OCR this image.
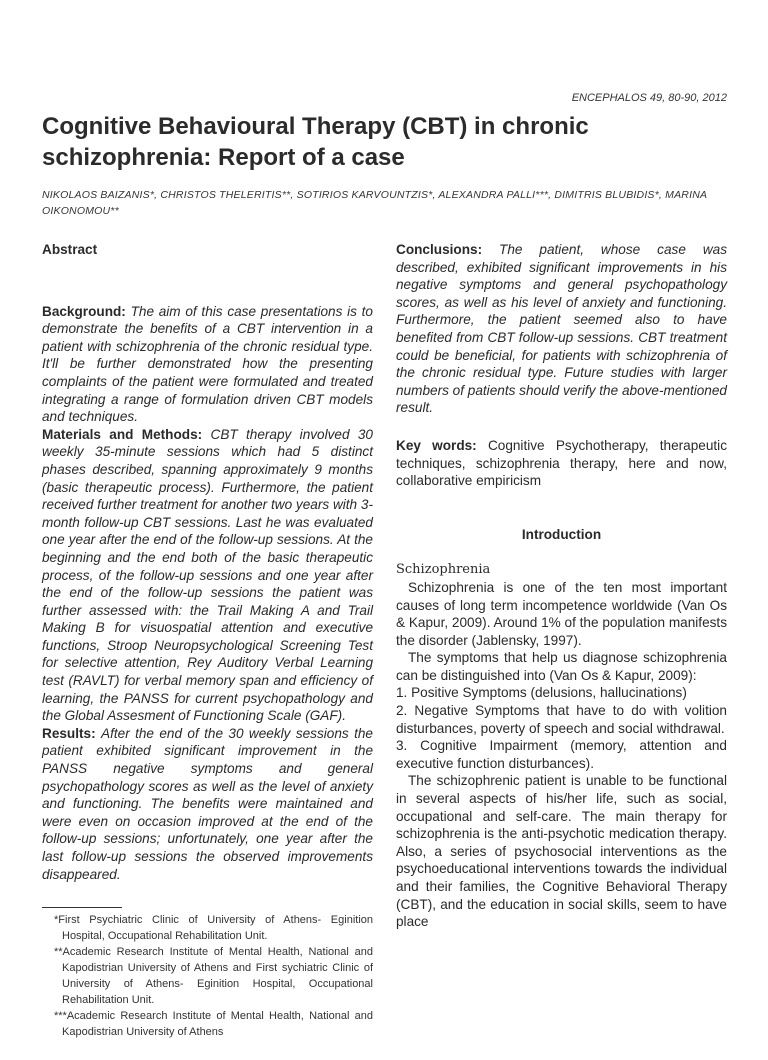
ENCEPHALOS 49, 80-90, 2012
Cognitive Behavioural Therapy (CBT) in chronic schizophrenia: Report of a case
NIKOLAOS BAIZANIS*, CHRISTOS THELERITIS**, SOTIRIOS KARVOUNTZIS*, ALEXANDRA PALLI***, DIMITRIS BLUBIDIS*, MARINA OIKONOMOU**
Abstract

Background: The aim of this case presentations is to demonstrate the benefits of a CBT intervention in a patient with schizophrenia of the chronic residual type. It'll be further demonstrated how the presenting complaints of the patient were formulated and treated integrating a range of formulation driven CBT models and techniques.

Materials and Methods: CBT therapy involved 30 weekly 35-minute sessions which had 5 distinct phases described, spanning approximately 9 months (basic therapeutic process). Furthermore, the patient received further treatment for another two years with 3-month follow-up CBT sessions. Last he was evaluated one year after the end of the follow-up sessions. At the beginning and the end both of the basic therapeutic process, of the follow-up sessions and one year after the end of the follow-up sessions the patient was further assessed with: the Trail Making A and Trail Making B for visuospatial attention and executive functions, Stroop Neuropsychological Screening Test for selective attention, Rey Auditory Verbal Learning test (RAVLT) for verbal memory span and efficiency of learning, the PANSS for current psychopathology and the Global Assesment of Functioning Scale (GAF).

Results: After the end of the 30 weekly sessions the patient exhibited significant improvement in the PANSS negative symptoms and general psychopathology scores as well as the level of anxiety and functioning. The benefits were maintained and were even on occasion improved at the end of the follow-up sessions; unfortunately, one year after the last follow-up sessions the observed improvements disappeared.

*First Psychiatric Clinic of University of Athens- Eginition Hospital, Occupational Rehabilitation Unit.

**Academic Research Institute of Mental Health, National and Kapodistrian University of Athens and First sychiatric Clinic of University of Athens- Eginition Hospital, Occupational Rehabilitation Unit.

***Academic Research Institute of Mental Health, National and Kapodistrian University of Athens

Conclusions: The patient, whose case was described, exhibited significant improvements in his negative symptoms and general psychopathology scores, as well as his level of anxiety and functioning. Furthermore, the patient seemed also to have benefited from CBT follow-up sessions. CBT treatment could be beneficial, for patients with schizophrenia of the chronic residual type. Future studies with larger numbers of patients should verify the above-mentioned result.

Key words: Cognitive Psychotherapy, therapeutic techniques, schizophrenia therapy, here and now, collaborative empiricism

Introduction

Schizophrenia

Schizophrenia is one of the ten most important causes of long term incompetence worldwide (Van Os & Kapur, 2009). Around 1% of the population manifests the disorder (Jablensky, 1997).

The symptoms that help us diagnose schizophrenia can be distinguished into (Van Os & Kapur, 2009):

1. Positive Symptoms (delusions, hallucinations)

2. Negative Symptoms that have to do with volition disturbances, poverty of speech and social withdrawal.

3. Cognitive Impairment (memory, attention and executive function disturbances).

The schizophrenic patient is unable to be functional in several aspects of his/her life, such as social, occupational and self-care. The main therapy for schizophrenia is the anti-psychotic medication therapy. Also, a series of psychosocial interventions as the psychoeducational interventions towards the individual and their families, the Cognitive Behavioral Therapy (CBT), and the education in social skills, seem to have place
